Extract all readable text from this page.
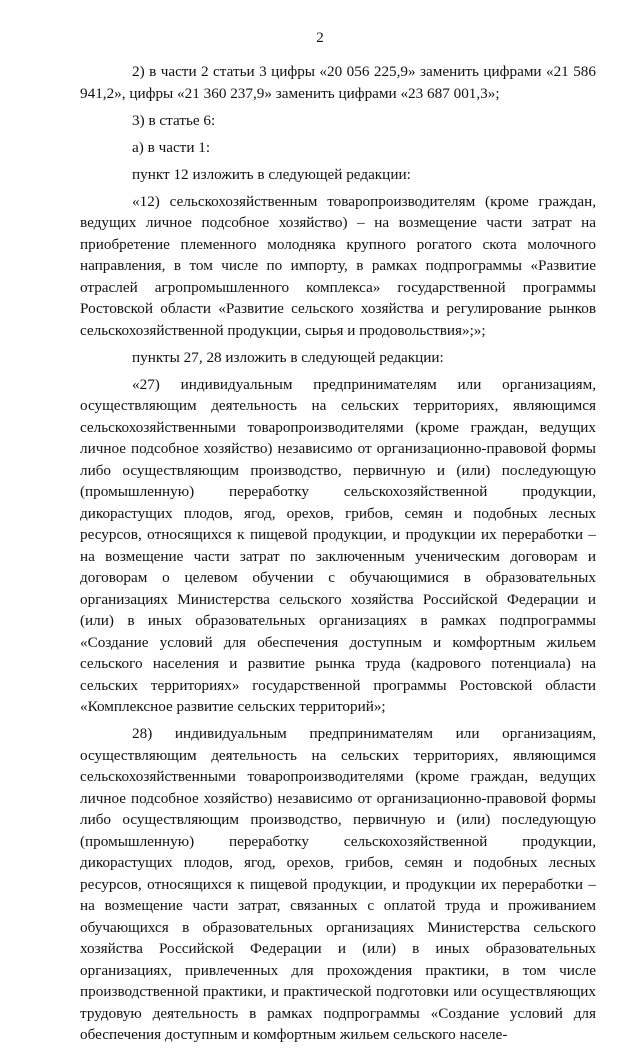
2

2) в части 2 статьи 3 цифры «20 056 225,9» заменить цифрами «21 586 941,2», цифры «21 360 237,9» заменить цифрами «23 687 001,3»;

3) в статье 6:

а) в части 1:

пункт 12 изложить в следующей редакции:

«12) сельскохозяйственным товаропроизводителям (кроме граждан, ведущих личное подсобное хозяйство) – на возмещение части затрат на приобретение племенного молодняка крупного рогатого скота молочного направления, в том числе по импорту, в рамках подпрограммы «Развитие отраслей агропромышленного комплекса» государственной программы Ростовской области «Развитие сельского хозяйства и регулирование рынков сельскохозяйственной продукции, сырья и продовольствия»;»;

пункты 27, 28 изложить в следующей редакции:

«27) индивидуальным предпринимателям или организациям, осуществляющим деятельность на сельских территориях, являющимся сельскохозяйственными товаропроизводителями (кроме граждан, ведущих личное подсобное хозяйство) независимо от организационно-правовой формы либо осуществляющим производство, первичную и (или) последующую (промышленную) переработку сельскохозяйственной продукции, дикорастущих плодов, ягод, орехов, грибов, семян и подобных лесных ресурсов, относящихся к пищевой продукции, и продукции их переработки – на возмещение части затрат по заключенным ученическим договорам и договорам о целевом обучении с обучающимися в образовательных организациях Министерства сельского хозяйства Российской Федерации и (или) в иных образовательных организациях в рамках подпрограммы «Создание условий для обеспечения доступным и комфортным жильем сельского населения и развитие рынка труда (кадрового потенциала) на сельских территориях» государственной программы Ростовской области «Комплексное развитие сельских территорий»;

28) индивидуальным предпринимателям или организациям, осуществляющим деятельность на сельских территориях, являющимся сельскохозяйственными товаропроизводителями (кроме граждан, ведущих личное подсобное хозяйство) независимо от организационно-правовой формы либо осуществляющим производство, первичную и (или) последующую (промышленную) переработку сельскохозяйственной продукции, дикорастущих плодов, ягод, орехов, грибов, семян и подобных лесных ресурсов, относящихся к пищевой продукции, и продукции их переработки – на возмещение части затрат, связанных с оплатой труда и проживанием обучающихся в образовательных организациях Министерства сельского хозяйства Российской Федерации и (или) в иных образовательных организациях, привлеченных для прохождения практики, в том числе производственной практики, и практической подготовки или осуществляющих трудовую деятельность в рамках подпрограммы «Создание условий для обеспечения доступным и комфортным жильем сельского населе-
